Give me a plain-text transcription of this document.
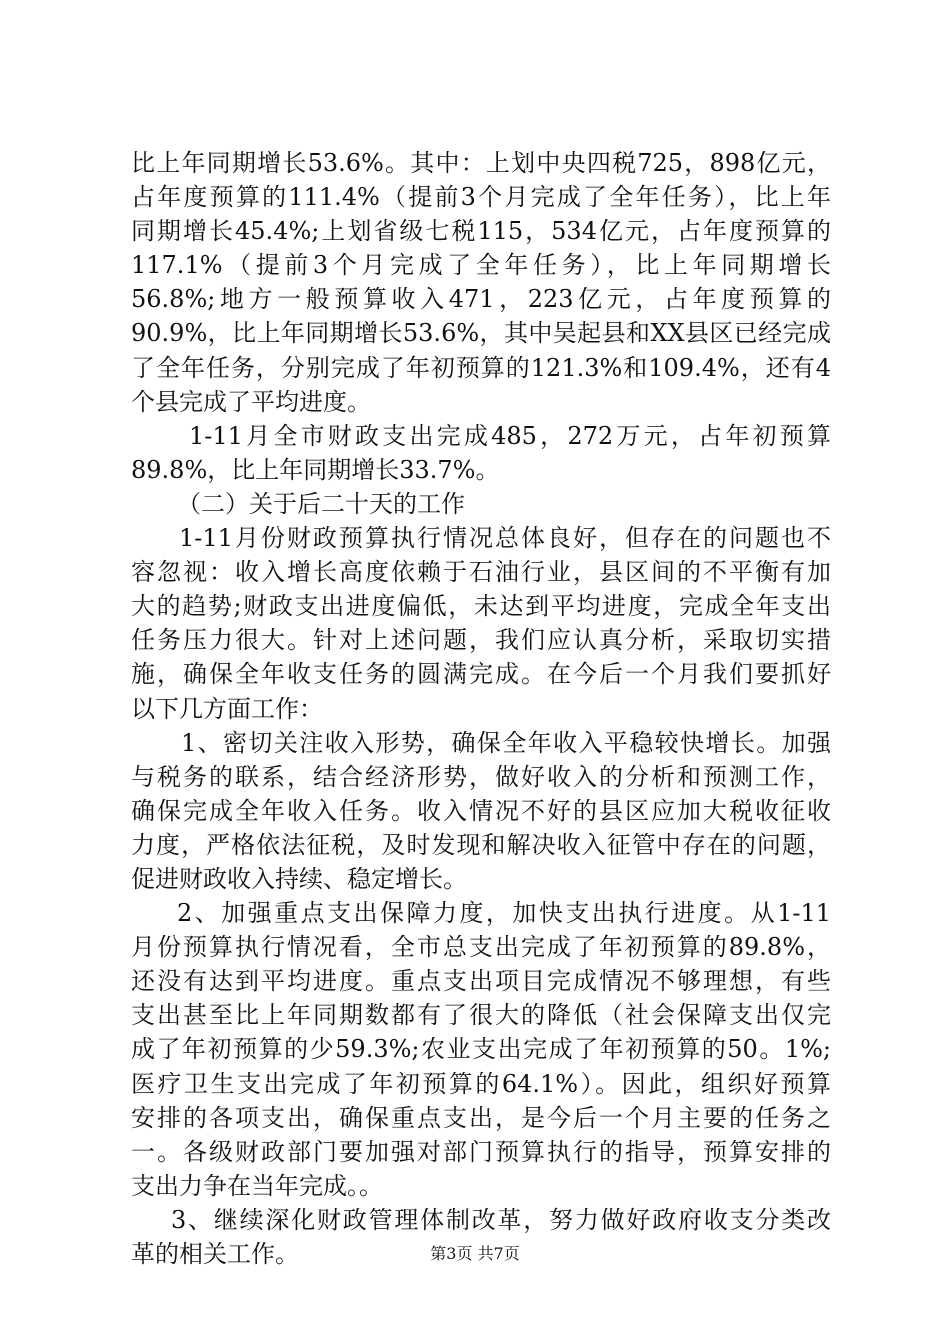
比上年同期增长53.6%。其中：上划中央四税725，898亿元，
占年度预算的111.4%（提前3个月完成了全年任务），比上年
同期增长45.4%;上划省级七税115，534亿元，占年度预算的
117.1%（提前3个月完成了全年任务），比上年同期增长
56.8%;地方一般预算收入471，223亿元，占年度预算的
90.9%，比上年同期增长53.6%，其中吴起县和XX县区已经完成
了全年任务，分别完成了年初预算的121.3%和109.4%，还有4
个县完成了平均进度。
1-11月全市财政支出完成485，272万元，占年初预算
89.8%，比上年同期增长33.7%。
（二）关于后二十天的工作
1-11月份财政预算执行情况总体良好，但存在的问题也不
容忽视：收入增长高度依赖于石油行业，县区间的不平衡有加
大的趋势;财政支出进度偏低，未达到平均进度，完成全年支出
任务压力很大。针对上述问题，我们应认真分析，采取切实措
施，确保全年收支任务的圆满完成。在今后一个月我们要抓好
以下几方面工作：
1、密切关注收入形势，确保全年收入平稳较快增长。加强
与税务的联系，结合经济形势，做好收入的分析和预测工作，
确保完成全年收入任务。收入情况不好的县区应加大税收征收
力度，严格依法征税，及时发现和解决收入征管中存在的问题，
促进财政收入持续、稳定增长。
2、加强重点支出保障力度，加快支出执行进度。从1-11
月份预算执行情况看，全市总支出完成了年初预算的89.8%，
还没有达到平均进度。重点支出项目完成情况不够理想，有些
支出甚至比上年同期数都有了很大的降低（社会保障支出仅完
成了年初预算的少59.3%;农业支出完成了年初预算的50。1%;
医疗卫生支出完成了年初预算的64.1%）。因此，组织好预算
安排的各项支出，确保重点支出，是今后一个月主要的任务之
一。各级财政部门要加强对部门预算执行的指导，预算安排的
支出力争在当年完成。。
3、继续深化财政管理体制改革，努力做好政府收支分类改
革的相关工作。	第3页 共7页
